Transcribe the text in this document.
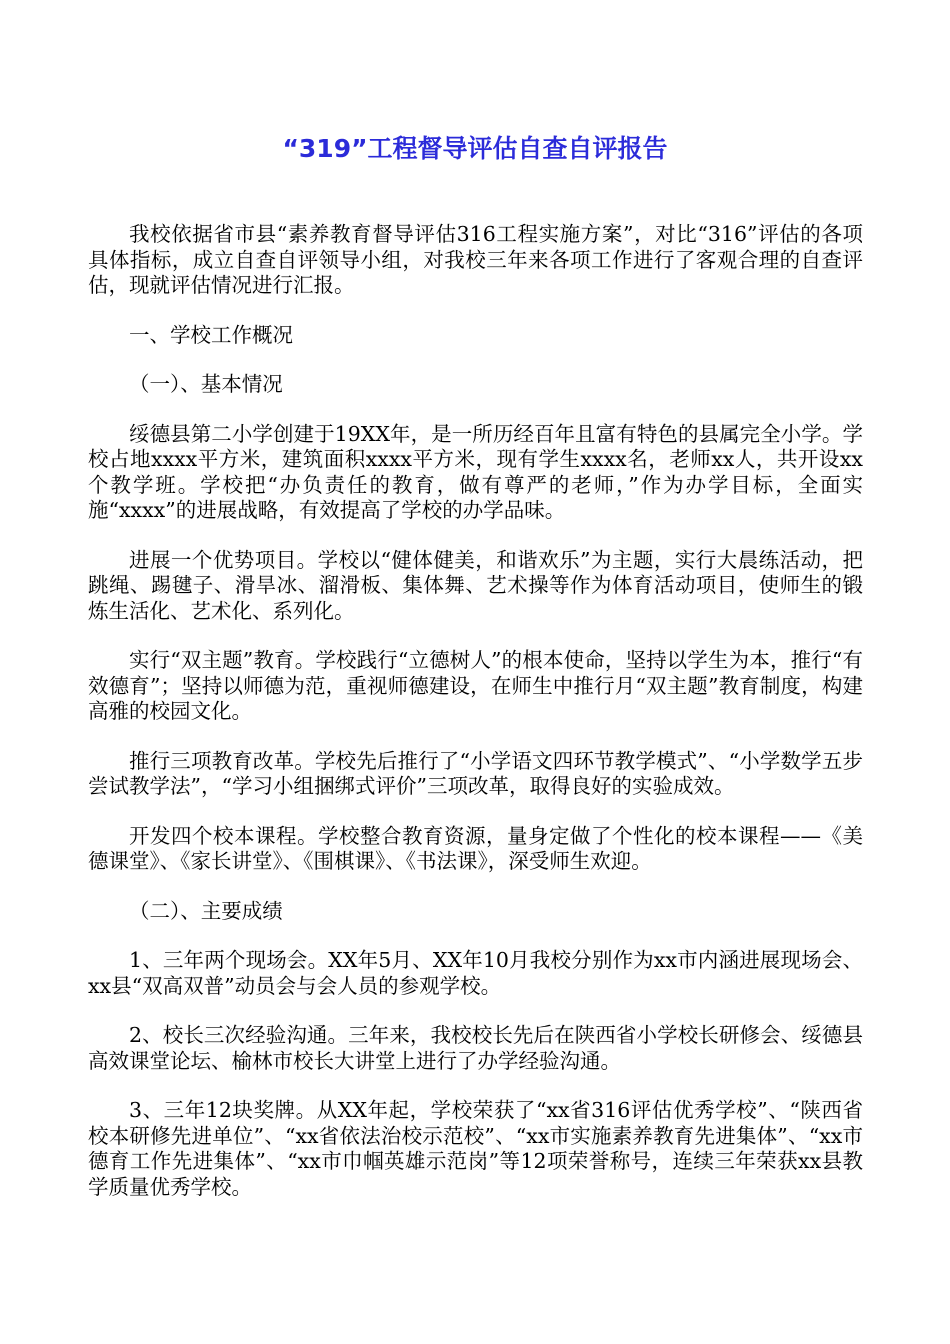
“319”工程督导评估自查自评报告

我校依据省市县“素养教育督导评估316工程实施方案”，对比“316”评估的各项具体指标，成立自查自评领导小组，对我校三年来各项工作进行了客观合理的自查评估，现就评估情况进行汇报。

一、学校工作概况

（一）、基本情况

绥德县第二小学创建于19XX年，是一所历经百年且富有特色的县属完全小学。学校占地xxxx平方米，建筑面积xxxx平方米，现有学生xxxx名，老师xx人，共开设xx个教学班。学校把“办负责任的教育，做有尊严的老师，”作为办学目标，全面实施“xxxx”的进展战略，有效提高了学校的办学品味。

进展一个优势项目。学校以“健体健美，和谐欢乐”为主题，实行大晨练活动，把跳绳、踢毽子、滑旱冰、溜滑板、集体舞、艺术操等作为体育活动项目，使师生的锻炼生活化、艺术化、系列化。

实行“双主题”教育。学校践行“立德树人”的根本使命，坚持以学生为本，推行“有效德育”；坚持以师德为范，重视师德建设，在师生中推行月“双主题”教育制度，构建高雅的校园文化。

推行三项教育改革。学校先后推行了“小学语文四环节教学模式”、“小学数学五步尝试教学法”，“学习小组捆绑式评价”三项改革，取得良好的实验成效。

开发四个校本课程。学校整合教育资源，量身定做了个性化的校本课程——《美德课堂》、《家长讲堂》、《围棋课》、《书法课》，深受师生欢迎。

（二）、主要成绩

1、三年两个现场会。XX年5月、XX年10月我校分别作为xx市内涵进展现场会、xx县“双高双普”动员会与会人员的参观学校。

2、校长三次经验沟通。三年来，我校校长先后在陕西省小学校长研修会、绥德县高效课堂论坛、榆林市校长大讲堂上进行了办学经验沟通。

3、三年12块奖牌。从XX年起，学校荣获了“xx省316评估优秀学校”、“陕西省校本研修先进单位”、“xx省依法治校示范校”、“xx市实施素养教育先进集体”、“xx市德育工作先进集体”、“xx市巾帼英雄示范岗”等12项荣誉称号，连续三年荣获xx县教学质量优秀学校。
